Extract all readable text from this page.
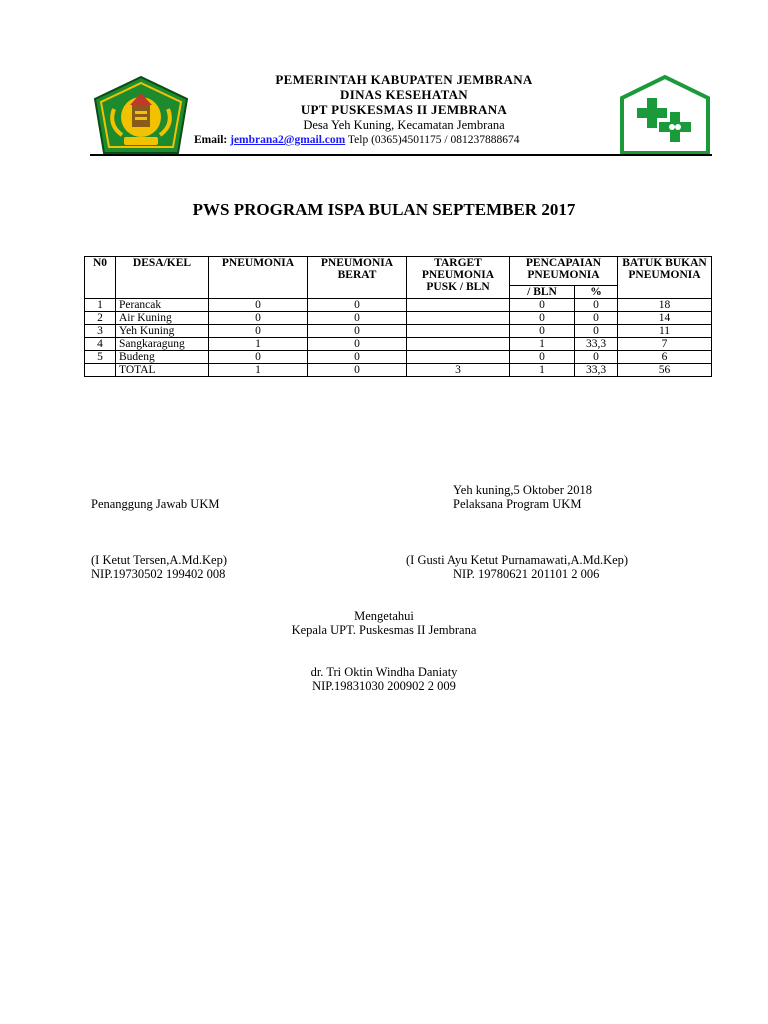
PEMERINTAH KABUPATEN JEMBRANA
DINAS KESEHATAN
UPT PUSKESMAS II JEMBRANA
Desa Yeh Kuning, Kecamatan Jembrana
Email: jembrana2@gmail.com Telp (0365)4501175 / 081237888674
PWS PROGRAM ISPA BULAN SEPTEMBER 2017
N0	DESA/KEL	PNEUMONIA	PNEUMONIA BERAT	TARGET PNEUMONIA PUSK / BLN	PENCAPAIAN PNEUMONIA		BATUK BUKAN PNEUMONIA
					/ BLN	%	
1	Perancak	0	0		0	0	18
2	Air Kuning	0	0		0	0	14
3	Yeh Kuning	0	0		0	0	11
4	Sangkaragung	1	0		1	33,3	7
5	Budeng	0	0		0	0	6
	TOTAL	1	0	3	1	33,3	56
Yeh kuning,5 Oktober 2018
Penanggung Jawab UKM	Pelaksana Program UKM
(I Ketut Tersen,A.Md.Kep)
NIP.19730502 199402 008
(I Gusti Ayu Ketut Purnamawati,A.Md.Kep)
NIP. 19780621 201101 2 006
Mengetahui
Kepala UPT. Puskesmas II Jembrana
dr. Tri Oktin Windha Daniaty
NIP.19831030 200902 2 009
